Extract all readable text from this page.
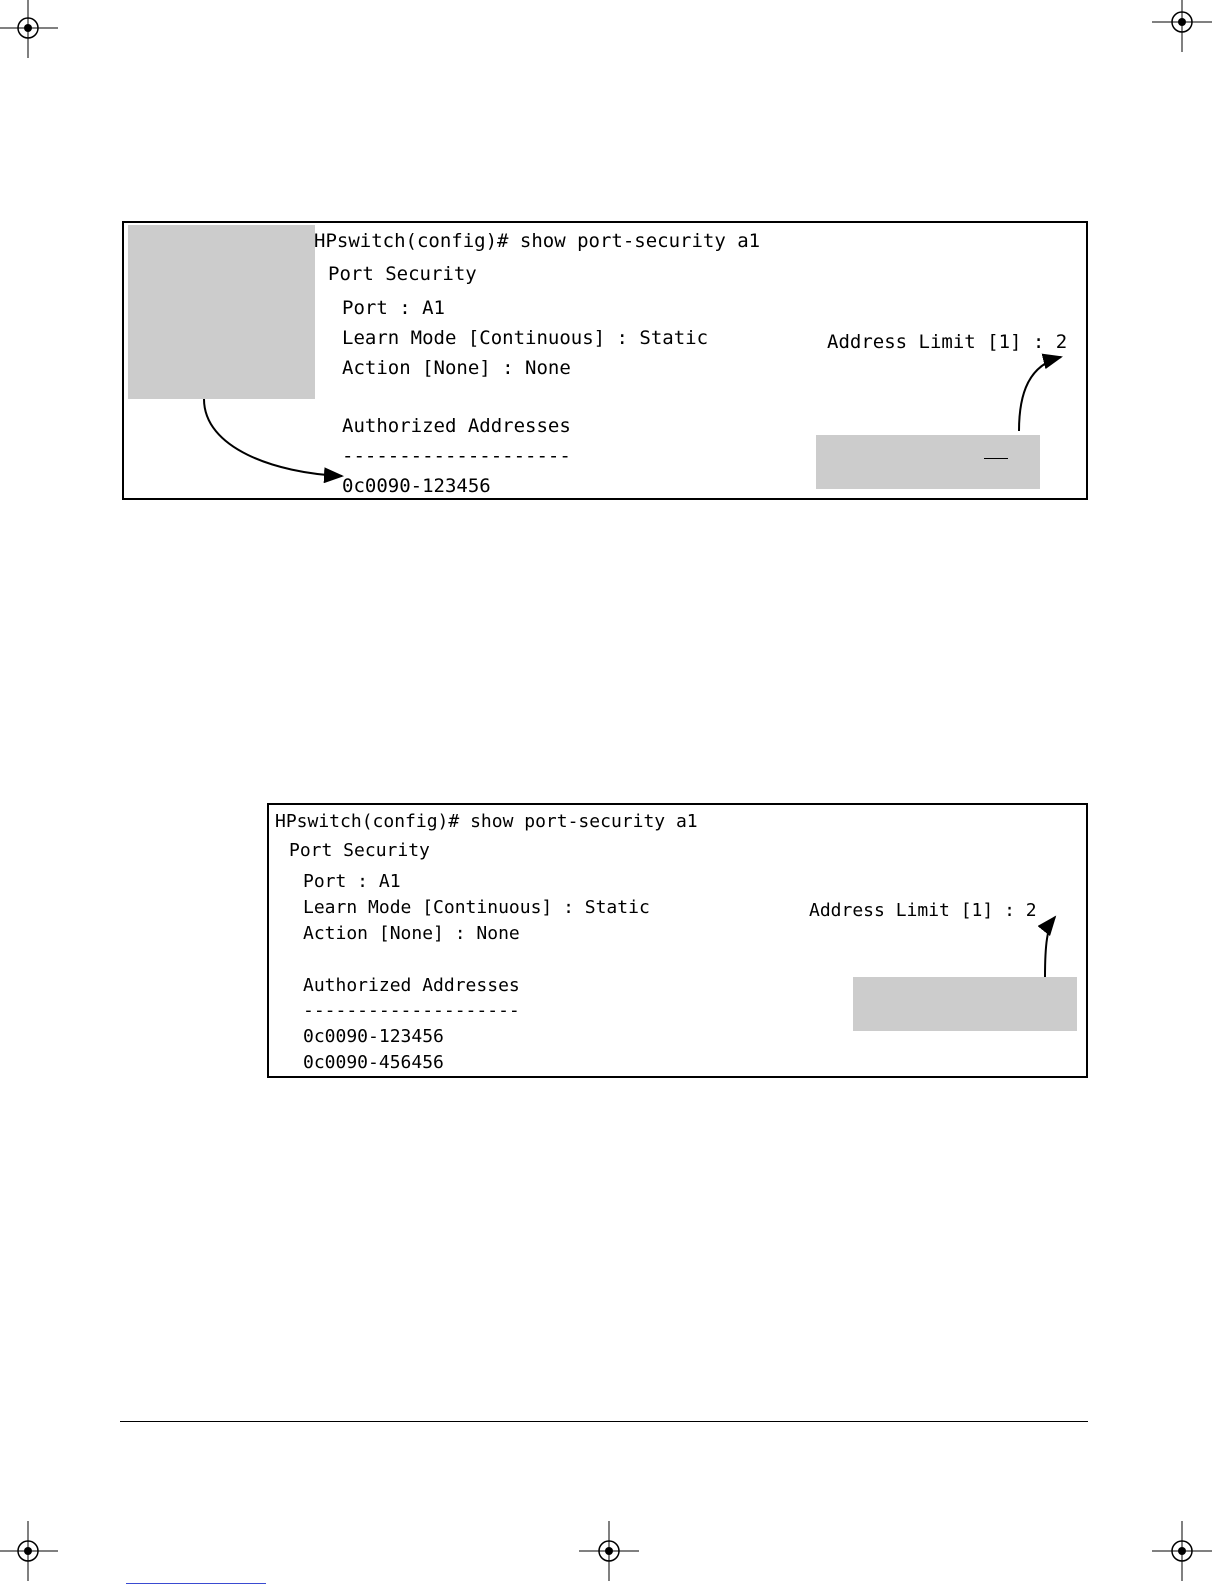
HPswitch(config)# show port-security a1
Port Security
Port : A1
Learn Mode [Continuous] : Static	Address Limit [1] : 2
Action [None] : None
Authorized Addresses
--------------------
0c0090-123456
HPswitch(config)# show port-security a1
Port Security
Port : A1
Learn Mode [Continuous] : Static	Address Limit [1] : 2
Action [None] : None
Authorized Addresses
--------------------
0c0090-123456
0c0090-456456
